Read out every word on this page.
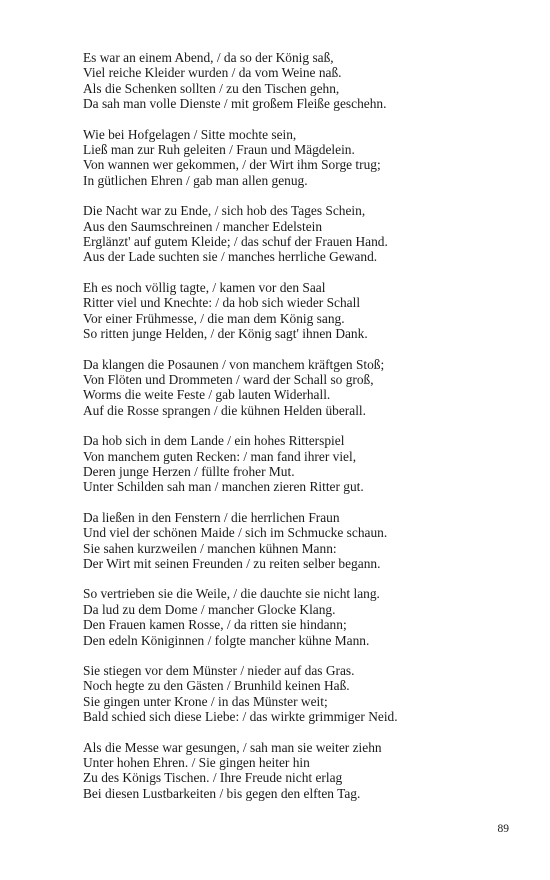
Es war an einem Abend, / da so der König saß,
Viel reiche Kleider wurden / da vom Weine naß.
Als die Schenken sollten / zu den Tischen gehn,
Da sah man volle Dienste / mit großem Fleiße geschehn.
Wie bei Hofgelagen / Sitte mochte sein,
Ließ man zur Ruh geleiten / Fraun und Mägdelein.
Von wannen wer gekommen, / der Wirt ihm Sorge trug;
In gütlichen Ehren / gab man allen genug.
Die Nacht war zu Ende, / sich hob des Tages Schein,
Aus den Saumschreinen / mancher Edelstein
Erglänzt' auf gutem Kleide; / das schuf der Frauen Hand.
Aus der Lade suchten sie / manches herrliche Gewand.
Eh es noch völlig tagte, / kamen vor den Saal
Ritter viel und Knechte: / da hob sich wieder Schall
Vor einer Frühmesse, / die man dem König sang.
So ritten junge Helden, / der König sagt' ihnen Dank.
Da klangen die Posaunen / von manchem kräftgen Stoß;
Von Flöten und Drommeten / ward der Schall so groß,
Worms die weite Feste / gab lauten Widerhall.
Auf die Rosse sprangen / die kühnen Helden überall.
Da hob sich in dem Lande / ein hohes Ritterspiel
Von manchem guten Recken: / man fand ihrer viel,
Deren junge Herzen / füllte froher Mut.
Unter Schilden sah man / manchen zieren Ritter gut.
Da ließen in den Fenstern / die herrlichen Fraun
Und viel der schönen Maide / sich im Schmucke schaun.
Sie sahen kurzweilen / manchen kühnen Mann:
Der Wirt mit seinen Freunden / zu reiten selber begann.
So vertrieben sie die Weile, / die dauchte sie nicht lang.
Da lud zu dem Dome / mancher Glocke Klang.
Den Frauen kamen Rosse, / da ritten sie hindann;
Den edeln Königinnen / folgte mancher kühne Mann.
Sie stiegen vor dem Münster / nieder auf das Gras.
Noch hegte zu den Gästen / Brunhild keinen Haß.
Sie gingen unter Krone / in das Münster weit;
Bald schied sich diese Liebe: / das wirkte grimmiger Neid.
Als die Messe war gesungen, / sah man sie weiter ziehn
Unter hohen Ehren. / Sie gingen heiter hin
Zu des Königs Tischen. / Ihre Freude nicht erlag
Bei diesen Lustbarkeiten / bis gegen den elften Tag.
89
